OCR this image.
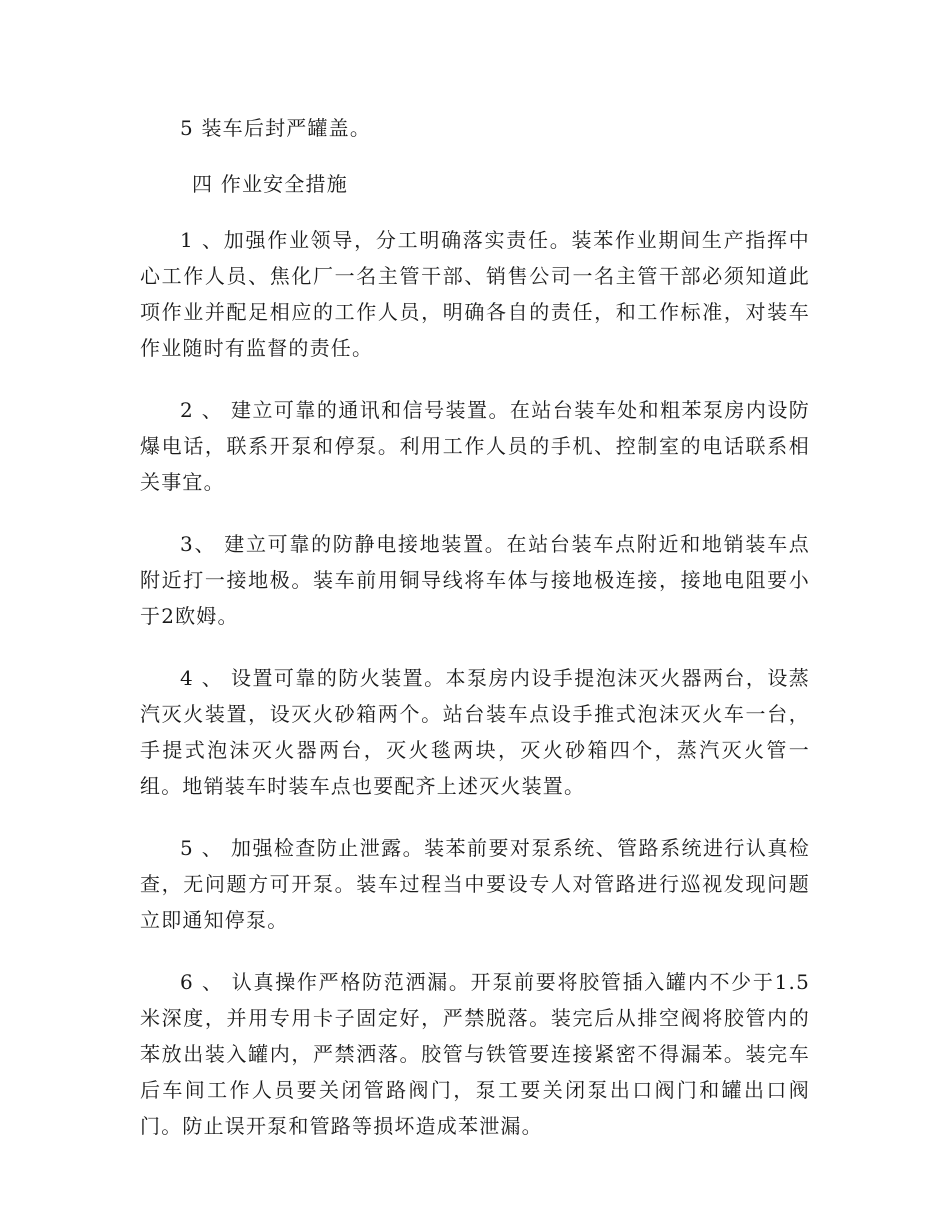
5 装车后封严罐盖。

四 作业安全措施

1 、加强作业领导，分工明确落实责任。装苯作业期间生产指挥中心工作人员、焦化厂一名主管干部、销售公司一名主管干部必须知道此项作业并配足相应的工作人员，明确各自的责任，和工作标准，对装车作业随时有监督的责任。

2 、 建立可靠的通讯和信号装置。在站台装车处和粗苯泵房内设防爆电话，联系开泵和停泵。利用工作人员的手机、控制室的电话联系相关事宜。

3、 建立可靠的防静电接地装置。在站台装车点附近和地销装车点附近打一接地极。装车前用铜导线将车体与接地极连接，接地电阻要小于2欧姆。

4 、 设置可靠的防火装置。本泵房内设手提泡沫灭火器两台，设蒸汽灭火装置，设灭火砂箱两个。站台装车点设手推式泡沫灭火车一台，手提式泡沫灭火器两台，灭火毯两块，灭火砂箱四个，蒸汽灭火管一组。地销装车时装车点也要配齐上述灭火装置。

5 、 加强检查防止泄露。装苯前要对泵系统、管路系统进行认真检查，无问题方可开泵。装车过程当中要设专人对管路进行巡视发现问题立即通知停泵。

6 、 认真操作严格防范洒漏。开泵前要将胶管插入罐内不少于1.5米深度，并用专用卡子固定好，严禁脱落。装完后从排空阀将胶管内的苯放出装入罐内，严禁洒落。胶管与铁管要连接紧密不得漏苯。装完车后车间工作人员要关闭管路阀门，泵工要关闭泵出口阀门和罐出口阀门。防止误开泵和管路等损坏造成苯泄漏。
